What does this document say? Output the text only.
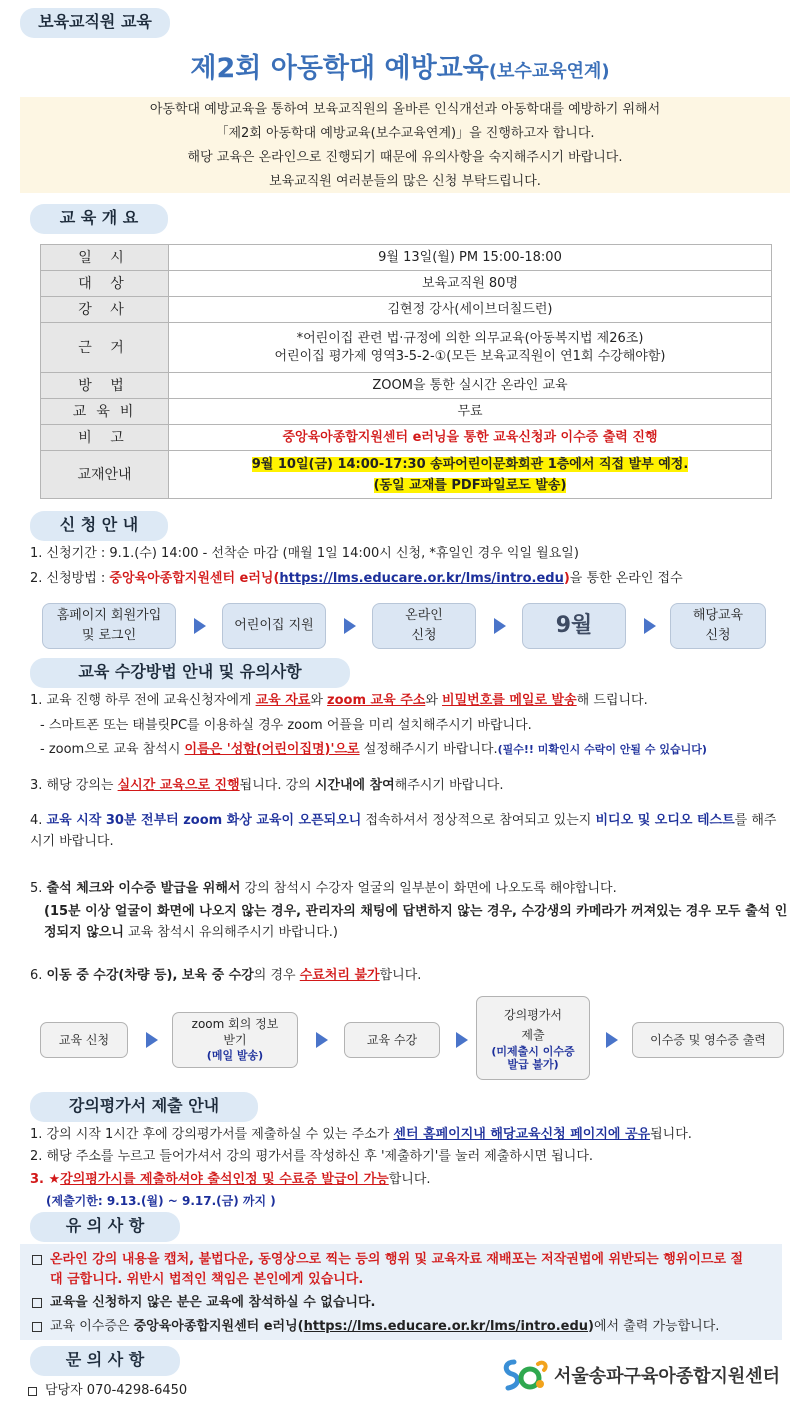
보육교직원 교육
제2회 아동학대 예방교육(보수교육연계)
아동학대 예방교육을 통하여 보육교직원의 올바른 인식개선과 아동학대를 예방하기 위해서
「제2회 아동학대 예방교육(보수교육연계)」을 진행하고자 합니다.
해당 교육은 온라인으로 진행되기 때문에 유의사항을 숙지해주시기 바랍니다.
보육교직원 여러분들의 많은 신청 부탁드립니다.
교 육 개 요
일 시	9월 13일(월) PM 15:00-18:00
대 상	보육교직원 80명
강 사	김현정 강사(세이브더칠드런)
근 거	*어린이집 관련 법·규정에 의한 의무교육(아동복지법 제26조)
어린이집 평가제 영역3-5-2-①(모든 보육교직원이 연1회 수강해야함)

방 법	ZOOM을 통한 실시간 온라인 교육
교 육 비	무료
비 고	중앙육아종합지원센터 e러닝을 통한 교육신청과 이수증 출력 진행
교재안내	9월 10일(금) 14:00-17:30 송파어린이문화회관 1층에서 직접 발부 예정.
(동일 교재를 PDF파일로도 발송)
신 청 안 내
1. 신청기간 : 9.1.(수) 14:00 - 선착순 마감 (매월 1일 14:00시 신청, *휴일인 경우 익일 월요일)
2. 신청방법 : 중앙육아종합지원센터 e러닝(https://lms.educare.or.kr/lms/intro.edu)을 통한 온라인 접수
홈페이지 회원가입
및 로그인
어린이집 지원
온라인
신청	9월	해당교육
신청
교육 수강방법 안내 및 유의사항
1. 교육 진행 하루 전에 교육신청자에게 교육 자료와 zoom 교육 주소와 비밀번호를 메일로 발송해 드립니다.
- 스마트폰 또는 태블릿PC를 이용하실 경우 zoom 어플을 미리 설치해주시기 바랍니다.
- zoom으로 교육 참석시 이름은 '성함(어린이집명)'으로 설정해주시기 바랍니다.(필수!! 미확인시 수락이 안될 수 있습니다)
3. 해당 강의는 실시간 교육으로 진행됩니다. 강의 시간내에 참여해주시기 바랍니다.
4. 교육 시작 30분 전부터 zoom 화상 교육이 오픈되오니 접속하셔서 정상적으로 참여되고 있는지 비디오 및 오디오 테스트를 해주시기 바랍니다.
5. 출석 체크와 이수증 발급을 위해서 강의 참석시 수강자 얼굴의 일부분이 화면에 나오도록 해야합니다.
(15분 이상 얼굴이 화면에 나오지 않는 경우, 관리자의 채팅에 답변하지 않는 경우, 수강생의 카메라가 꺼져있는 경우 모두 출석 인정되지 않으니 교육 참석시 유의해주시기 바랍니다.)
6. 이동 중 수강(차량 등), 보육 중 수강의 경우 수료처리 불가합니다.
교육 신청
zoom 회의 정보
받기
(메일 발송)
교육 수강
강의평가서
제출
(미제출시 이수증 발급 불가)
이수증 및 영수증 출력
강의평가서 제출 안내
1. 강의 시작 1시간 후에 강의평가서를 제출하실 수 있는 주소가 센터 홈페이지내 해당교육신청 페이지에 공유됩니다.
2. 해당 주소를 누르고 들어가셔서 강의 평가서를 작성하신 후 '제출하기'를 눌러 제출하시면 됩니다.
3. ★강의평가시를 제출하셔야 출석인정 및 수료증 발급이 가능합니다.
(제출기한: 9.13.(월) ~ 9.17.(금) 까지 )
유 의 사 항
온라인 강의 내용을 캡처, 불법다운, 동영상으로 찍는 등의 행위 및 교육자료 재배포는 저작권법에 위반되는 행위이므로 절대 금합니다. 위반시 법적인 책임은 본인에게 있습니다.
교육을 신청하지 않은 분은 교육에 참석하실 수 없습니다.
교육 이수증은 중앙육아종합지원센터 e러닝(https://lms.educare.or.kr/lms/intro.edu)에서 출력 가능합니다.
문 의 사 항
담당자 070-4298-6450
서울송파구육아종합지원센터
